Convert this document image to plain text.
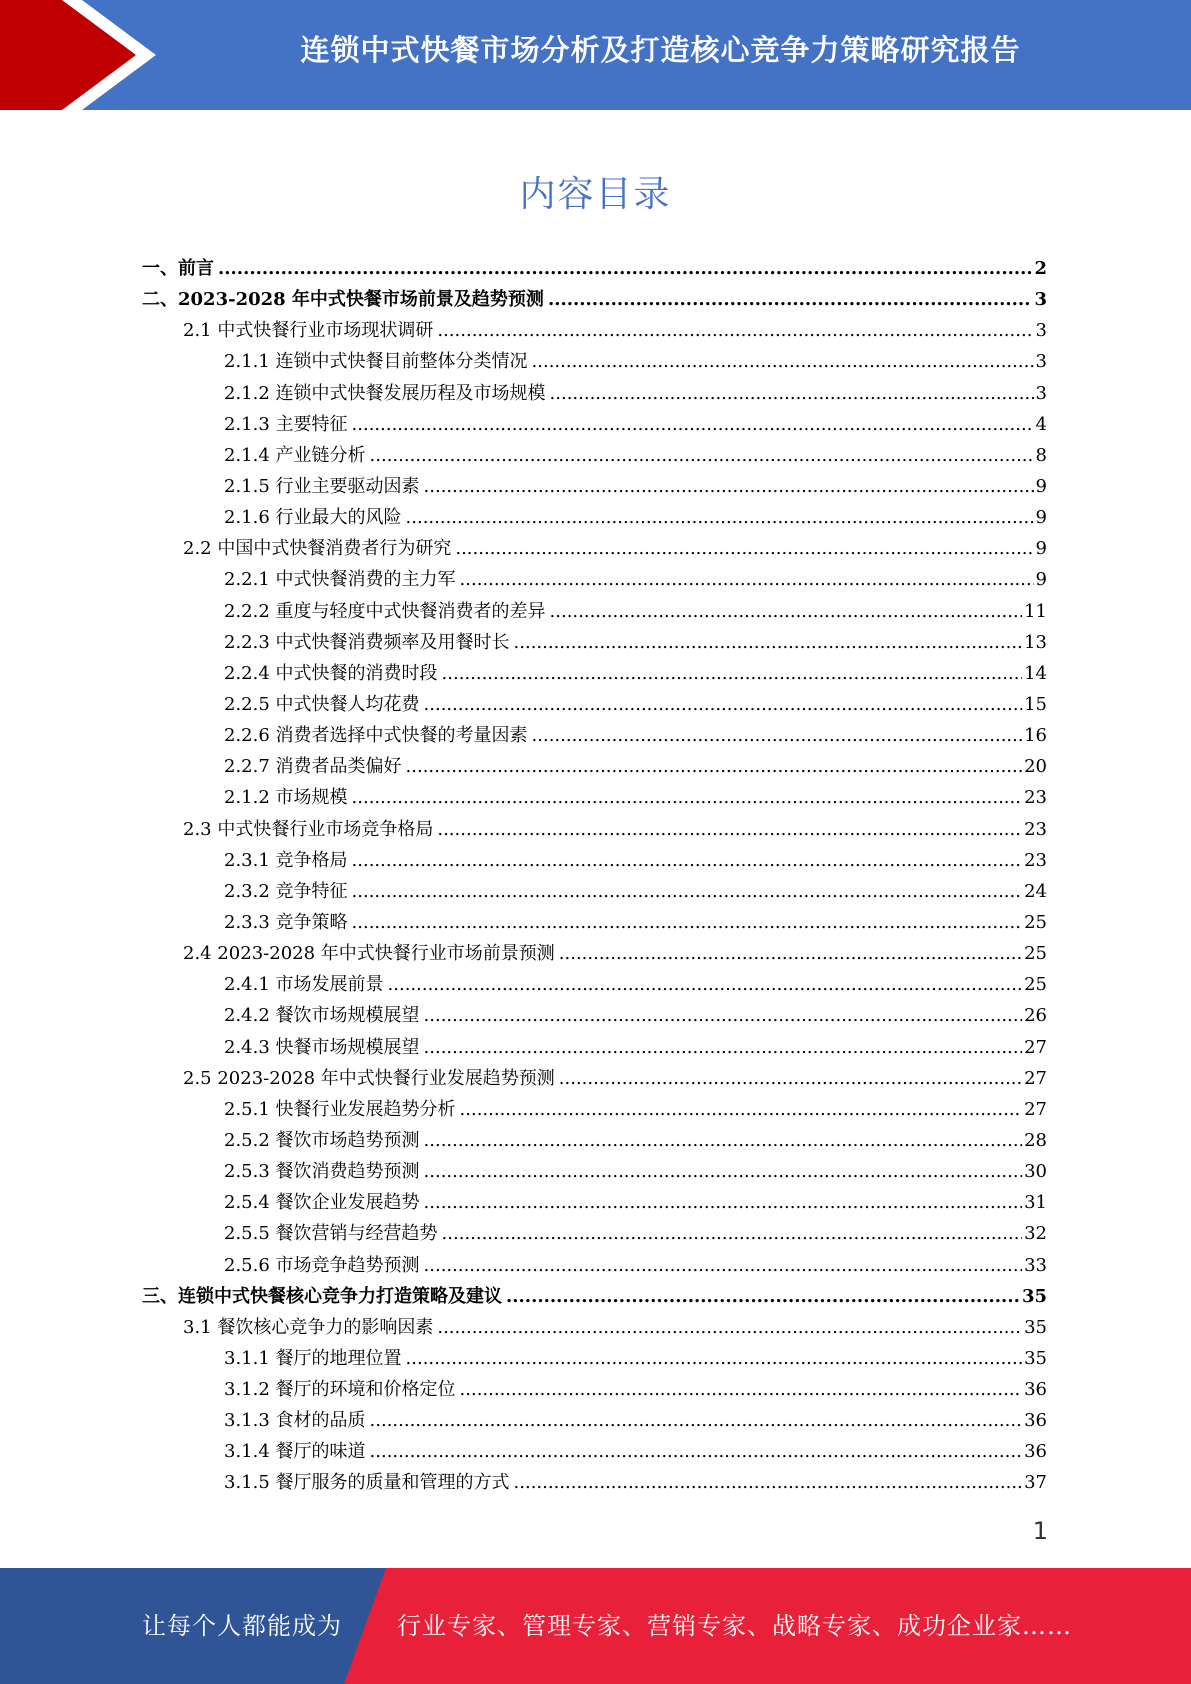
连锁中式快餐市场分析及打造核心竞争力策略研究报告
内容目录
一、前言 .....	2
二、2023-2028 年中式快餐市场前景及趋势预测 .....	3
2.1 中式快餐行业市场现状调研 .....	3
2.1.1 连锁中式快餐目前整体分类情况 .....	3
2.1.2 连锁中式快餐发展历程及市场规模 .....	3
2.1.3 主要特征 .....	4
2.1.4 产业链分析 .....	8
2.1.5 行业主要驱动因素 .....	9
2.1.6 行业最大的风险 .....	9
2.2 中国中式快餐消费者行为研究 .....	9
2.2.1 中式快餐消费的主力军 .....	9
2.2.2 重度与轻度中式快餐消费者的差异 .....	11
2.2.3 中式快餐消费频率及用餐时长 .....	13
2.2.4 中式快餐的消费时段 .....	14
2.2.5 中式快餐人均花费 .....	15
2.2.6 消费者选择中式快餐的考量因素 .....	16
2.2.7 消费者品类偏好 .....	20
2.1.2 市场规模 .....	23
2.3 中式快餐行业市场竞争格局 .....	23
2.3.1 竞争格局 .....	23
2.3.2 竞争特征 .....	24
2.3.3 竞争策略 .....	25
2.4 2023-2028 年中式快餐行业市场前景预测 .....	25
2.4.1 市场发展前景 .....	25
2.4.2 餐饮市场规模展望 .....	26
2.4.3 快餐市场规模展望 .....	27
2.5 2023-2028 年中式快餐行业发展趋势预测 .....	27
2.5.1 快餐行业发展趋势分析 .....	27
2.5.2 餐饮市场趋势预测 .....	28
2.5.3 餐饮消费趋势预测 .....	30
2.5.4 餐饮企业发展趋势 .....	31
2.5.5 餐饮营销与经营趋势 .....	32
2.5.6 市场竞争趋势预测 .....	33
三、连锁中式快餐核心竞争力打造策略及建议 .....	35
3.1 餐饮核心竞争力的影响因素 .....	35
3.1.1 餐厅的地理位置 .....	35
3.1.2 餐厅的环境和价格定位 .....	36
3.1.3 食材的品质 .....	36
3.1.4 餐厅的味道 .....	36
3.1.5 餐厅服务的质量和管理的方式 .....	37
1
让每个人都能成为 行业专家、管理专家、营销专家、战略专家、成功企业家……
